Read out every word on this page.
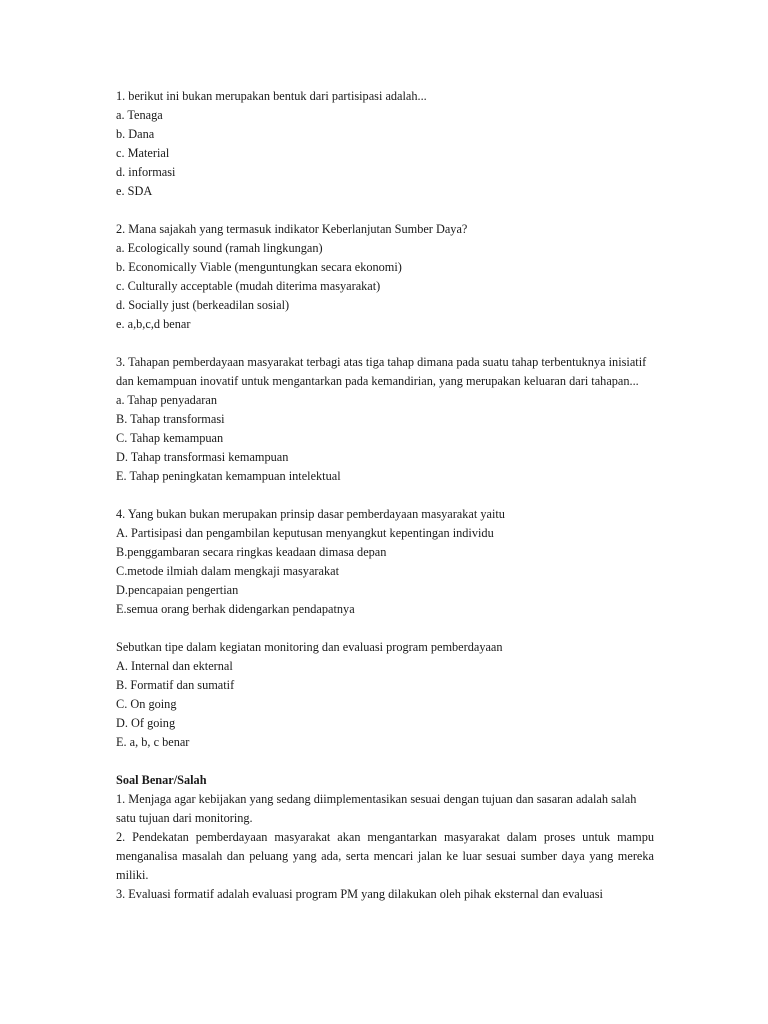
1. berikut ini bukan merupakan bentuk dari partisipasi adalah...
a. Tenaga
b. Dana
c. Material
d. informasi
e. SDA
2. Mana sajakah yang termasuk indikator Keberlanjutan Sumber Daya?
a. Ecologically sound (ramah lingkungan)
b. Economically Viable (menguntungkan secara ekonomi)
c. Culturally acceptable (mudah diterima masyarakat)
d. Socially just (berkeadilan sosial)
e. a,b,c,d benar
3. Tahapan pemberdayaan masyarakat terbagi atas tiga tahap dimana pada suatu tahap terbentuknya inisiatif dan kemampuan inovatif untuk mengantarkan pada kemandirian, yang merupakan keluaran dari tahapan...
a. Tahap penyadaran
B. Tahap transformasi
C. Tahap kemampuan
D. Tahap transformasi kemampuan
E. Tahap peningkatan kemampuan intelektual
4. Yang bukan bukan merupakan prinsip dasar pemberdayaan masyarakat yaitu
A. Partisipasi dan pengambilan keputusan menyangkut kepentingan individu
B.penggambaran secara ringkas keadaan dimasa depan
C.metode ilmiah dalam mengkaji masyarakat
D.pencapaian pengertian
E.semua orang berhak didengarkan pendapatnya
Sebutkan tipe dalam kegiatan monitoring dan evaluasi program pemberdayaan
A. Internal dan ekternal
B. Formatif dan sumatif
C. On going
D. Of going
E. a, b, c benar
Soal Benar/Salah
1. Menjaga agar kebijakan yang sedang diimplementasikan sesuai dengan tujuan dan sasaran adalah salah satu tujuan dari monitoring.
2. Pendekatan pemberdayaan masyarakat akan mengantarkan masyarakat dalam proses untuk mampu menganalisa masalah dan peluang yang ada, serta mencari jalan ke luar sesuai sumber daya yang mereka miliki.
3. Evaluasi formatif adalah evaluasi program PM yang dilakukan oleh pihak eksternal dan evaluasi
